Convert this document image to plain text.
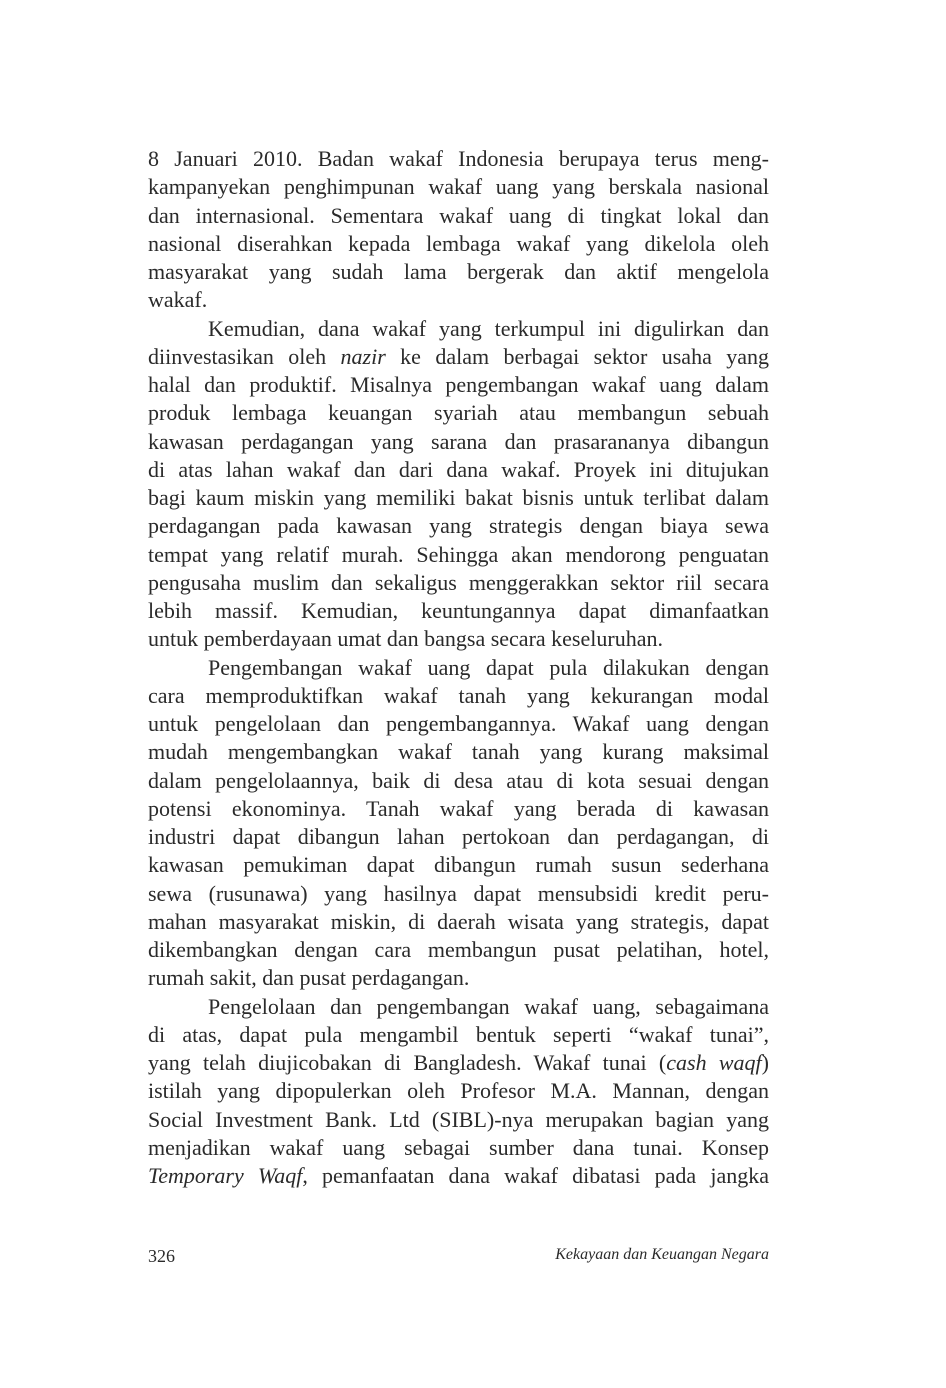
8 Januari 2010. Badan wakaf Indonesia berupaya terus meng-
kampanyekan penghimpunan wakaf uang yang berskala nasional
dan internasional. Sementara wakaf uang di tingkat lokal dan
nasional diserahkan kepada lembaga wakaf yang dikelola oleh
masyarakat yang sudah lama bergerak dan aktif mengelola
wakaf.
Kemudian, dana wakaf yang terkumpul ini digulirkan dan
diinvestasikan oleh nazir ke dalam berbagai sektor usaha yang
halal dan produktif. Misalnya pengembangan wakaf uang dalam
produk lembaga keuangan syariah atau membangun sebuah
kawasan perdagangan yang sarana dan prasarananya dibangun
di atas lahan wakaf dan dari dana wakaf. Proyek ini ditujukan
bagi kaum miskin yang memiliki bakat bisnis untuk terlibat dalam
perdagangan pada kawasan yang strategis dengan biaya sewa
tempat yang relatif murah. Sehingga akan mendorong penguatan
pengusaha muslim dan sekaligus menggerakkan sektor riil secara
lebih massif. Kemudian, keuntungannya dapat dimanfaatkan
untuk pemberdayaan umat dan bangsa secara keseluruhan.
Pengembangan wakaf uang dapat pula dilakukan dengan
cara memproduktifkan wakaf tanah yang kekurangan modal
untuk pengelolaan dan pengembangannya. Wakaf uang dengan
mudah mengembangkan wakaf tanah yang kurang maksimal
dalam pengelolaannya, baik di desa atau di kota sesuai dengan
potensi ekonominya. Tanah wakaf yang berada di kawasan
industri dapat dibangun lahan pertokoan dan perdagangan, di
kawasan pemukiman dapat dibangun rumah susun sederhana
sewa (rusunawa) yang hasilnya dapat mensubsidi kredit peru-
mahan masyarakat miskin, di daerah wisata yang strategis, dapat
dikembangkan dengan cara membangun pusat pelatihan, hotel,
rumah sakit, dan pusat perdagangan.
Pengelolaan dan pengembangan wakaf uang, sebagaimana
di atas, dapat pula mengambil bentuk seperti “wakaf tunai”,
yang telah diujicobakan di Bangladesh. Wakaf tunai (cash waqf)
istilah yang dipopulerkan oleh Profesor M.A. Mannan, dengan
Social Investment Bank. Ltd (SIBL)-nya merupakan bagian yang
menjadikan wakaf uang sebagai sumber dana tunai. Konsep
Temporary Waqf, pemanfaatan dana wakaf dibatasi pada jangka
326	Kekayaan dan Keuangan Negara
